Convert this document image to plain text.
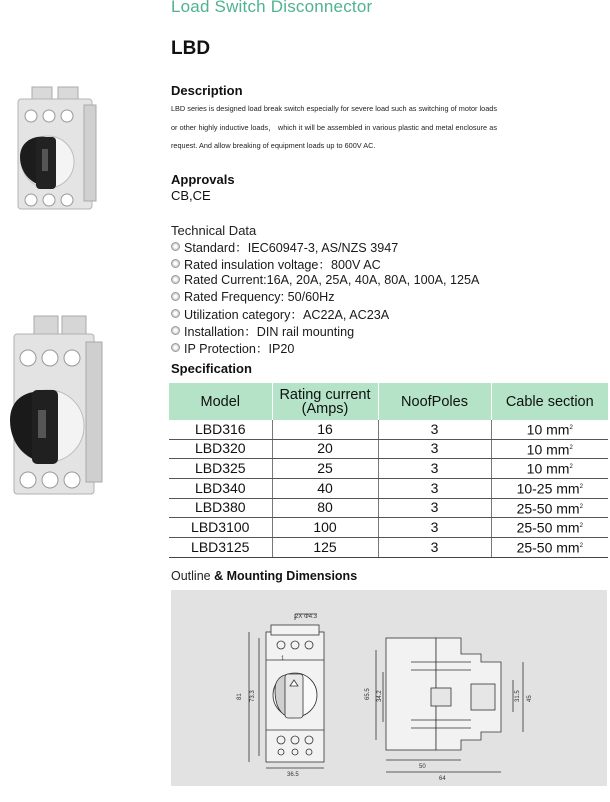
Load Switch Disconnector
LBD
Description
LBD series is designed load break switch especially for severe load such as switching of motor loads or other highly inductive loads， which it will be assembled in various plastic and metal enclosure as request. And allow breaking of equipment loads up to 600V AC.
Approvals
CB,CE
Technical Data
Standard：IEC60947-3, AS/NZS 3947
Rated insulation voltage：800V AC
Rated Current:16A, 20A, 25A, 40A, 80A, 100A, 125A
Rated Frequency: 50/60Hz
Utilization category：AC22A, AC23A
Installation：DIN rail mounting
IP Protection：IP20
Specification
Model	Rating current (Amps)	NoofPoles	Cable section
LBD316	16	3	10 $mm^2$
LBD320	20	3	10 $mm^2$
LBD325	25	3	10 $mm^2$
LBD340	40	3	10-25 $mm^2$
LBD380	80	3	25-50 $mm^2$
LBD3100	100	3	25-50 $mm^2$
LBD3125	125	3	25-50 $mm^2$
Outline & Mounting Dimensions
2X Φ4.3
1
81 73.3
36.5
65.5 34.2	31.5 45
50
64
